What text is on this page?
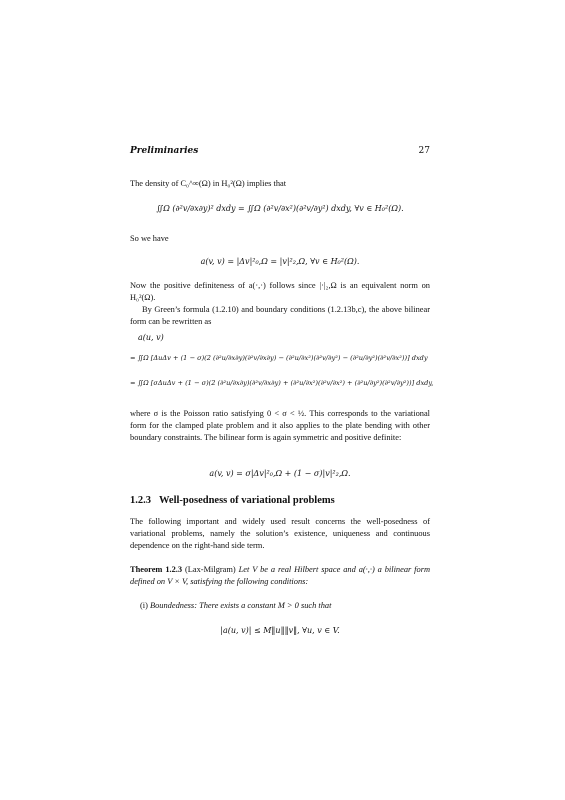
Preliminaries	27

The density of C₀^∞(Ω) in H₀²(Ω) implies that

∬Ω (∂²v/∂x∂y)² dxdy = ∬Ω (∂²v/∂x²)(∂²v/∂y²) dxdy, ∀v ∈ H₀²(Ω).

So we have

a(v, v) = |Δv|²₀,Ω = |v|²₂,Ω, ∀v ∈ H₀²(Ω).

Now the positive definiteness of a(·,·) follows since |·|₂,Ω is an equivalent norm on H₀²(Ω).

By Green’s formula (1.2.10) and boundary conditions (1.2.13b,c), the above bilinear form can be rewritten as

a(u, v)
= ∬Ω [ΔuΔv + (1 − σ)(2 (∂²u/∂x∂y)(∂²v/∂x∂y) − (∂²u/∂x²)(∂²v/∂y²) − (∂²u/∂y²)(∂²v/∂x²))] dxdy
= ∬Ω [σΔuΔv + (1 − σ)(2 (∂²u/∂x∂y)(∂²v/∂x∂y) + (∂²u/∂x²)(∂²v/∂x²) + (∂²u/∂y²)(∂²v/∂y²))] dxdy,

where σ is the Poisson ratio satisfying 0 < σ < ½. This corresponds to the variational form for the clamped plate problem and it also applies to the plate bending with other boundary constraints. The bilinear form is again symmetric and positive definite:

a(v, v) = σ|Δv|²₀,Ω + (1 − σ)|v|²₂,Ω.
1.2.3 Well-posedness of variational problems

The following important and widely used result concerns the well-posedness of variational problems, namely the solution’s existence, uniqueness and continuous dependence on the right-hand side term.

Theorem 1.2.3 (Lax-Milgram) Let V be a real Hilbert space and a(·,·) a bilinear form defined on V × V, satisfying the following conditions:

(i) Boundedness: There exists a constant M > 0 such that

|a(u, v)| ≤ M‖u‖‖v‖, ∀u, v ∈ V.
